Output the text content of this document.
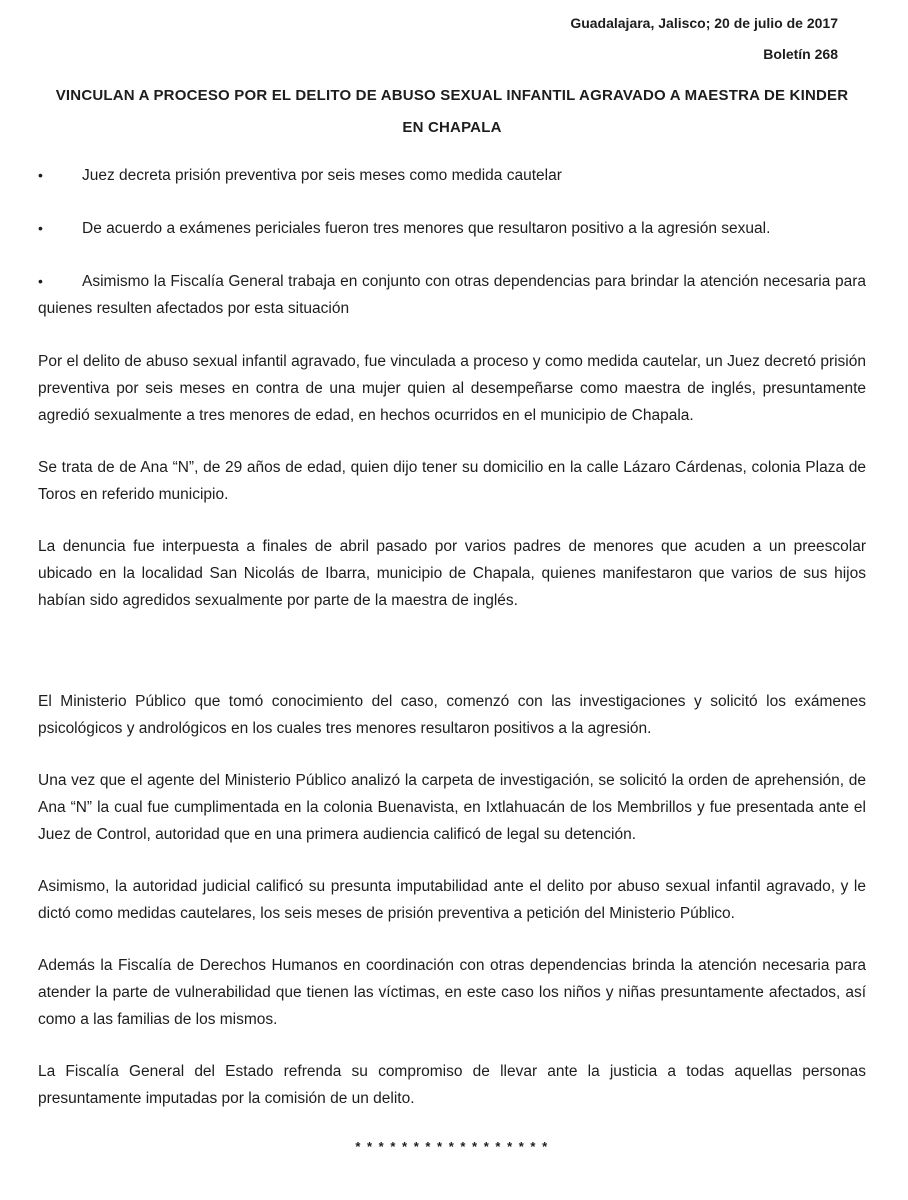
Guadalajara, Jalisco; 20 de julio de 2017
Boletín 268
VINCULAN A PROCESO POR EL DELITO DE ABUSO SEXUAL INFANTIL AGRAVADO A MAESTRA DE KINDER EN CHAPALA
•	Juez decreta prisión preventiva por seis meses como medida cautelar
•	De acuerdo a exámenes periciales fueron tres menores que resultaron positivo a la agresión sexual.
•	Asimismo la Fiscalía General trabaja en conjunto con otras dependencias para brindar la atención necesaria para quienes resulten afectados por esta situación
Por el delito de abuso sexual infantil agravado, fue vinculada a proceso y como medida cautelar, un Juez decretó prisión preventiva por seis meses en contra de una mujer quien al desempeñarse como maestra de inglés, presuntamente agredió sexualmente a tres menores de edad, en hechos ocurridos en el municipio de Chapala.
Se trata de de Ana “N”, de 29 años de edad, quien dijo tener su domicilio en la calle Lázaro Cárdenas, colonia Plaza de Toros en referido municipio.
La denuncia fue interpuesta a finales de abril pasado por varios padres de menores que acuden a un preescolar ubicado en la localidad San Nicolás de Ibarra, municipio de Chapala, quienes manifestaron que varios de sus hijos habían sido agredidos sexualmente por parte de la maestra de inglés.
El Ministerio Público que tomó conocimiento del caso, comenzó con las investigaciones y solicitó los exámenes psicológicos y andrológicos en los cuales tres menores resultaron positivos a la agresión.
Una vez que el agente del Ministerio Público analizó la carpeta de investigación, se solicitó la orden de aprehensión, de Ana “N” la cual fue cumplimentada en la colonia Buenavista, en Ixtlahuacán de los Membrillos y fue presentada ante el Juez de Control, autoridad que en una primera audiencia calificó de legal su detención.
Asimismo, la autoridad judicial calificó su presunta imputabilidad ante el delito por abuso sexual infantil agravado, y le dictó como medidas cautelares, los seis meses de prisión preventiva a petición del Ministerio Público.
Además la Fiscalía de Derechos Humanos en coordinación con otras dependencias brinda la atención necesaria para atender la parte de vulnerabilidad que tienen las víctimas, en este caso los niños y niñas presuntamente afectados, así como a las familias de los mismos.
La Fiscalía General del Estado refrenda su compromiso de llevar ante la justicia a todas aquellas personas presuntamente imputadas por la comisión de un delito.
* * * * * * * * * * * * * * * * *
